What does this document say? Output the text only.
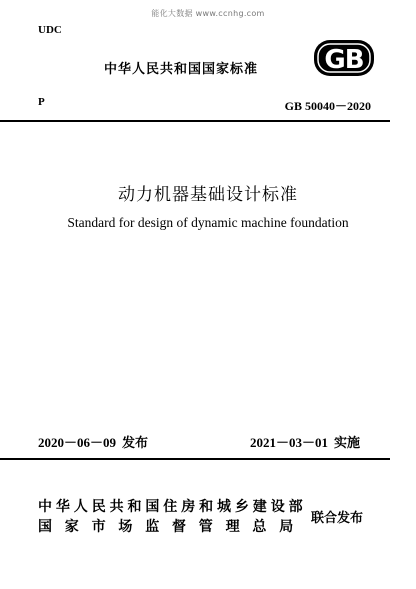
能化大数据 www.ccnhg.com
UDC
中华人民共和国国家标准	GB
P	GB 50040－2020
动力机器基础设计标准
Standard for design of dynamic machine foundation
2020－06－09 发布	2021－03－01 实施
中华人民共和国住房和城乡建设部
国家市场监督管理总局
联合发布
